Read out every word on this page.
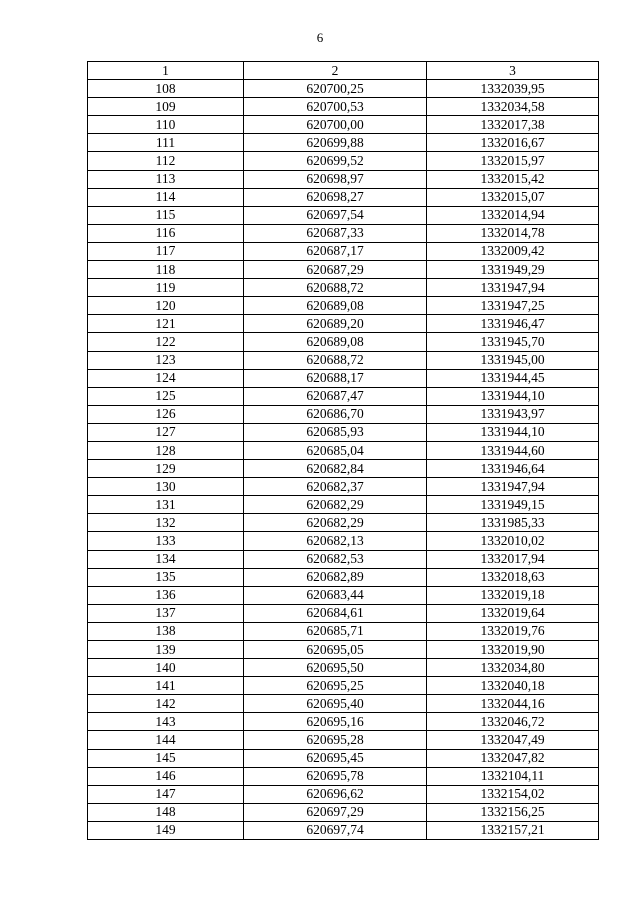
6
1	2	3
108	620700,25	1332039,95
109	620700,53	1332034,58
110	620700,00	1332017,38
111	620699,88	1332016,67
112	620699,52	1332015,97
113	620698,97	1332015,42
114	620698,27	1332015,07
115	620697,54	1332014,94
116	620687,33	1332014,78
117	620687,17	1332009,42
118	620687,29	1331949,29
119	620688,72	1331947,94
120	620689,08	1331947,25
121	620689,20	1331946,47
122	620689,08	1331945,70
123	620688,72	1331945,00
124	620688,17	1331944,45
125	620687,47	1331944,10
126	620686,70	1331943,97
127	620685,93	1331944,10
128	620685,04	1331944,60
129	620682,84	1331946,64
130	620682,37	1331947,94
131	620682,29	1331949,15
132	620682,29	1331985,33
133	620682,13	1332010,02
134	620682,53	1332017,94
135	620682,89	1332018,63
136	620683,44	1332019,18
137	620684,61	1332019,64
138	620685,71	1332019,76
139	620695,05	1332019,90
140	620695,50	1332034,80
141	620695,25	1332040,18
142	620695,40	1332044,16
143	620695,16	1332046,72
144	620695,28	1332047,49
145	620695,45	1332047,82
146	620695,78	1332104,11
147	620696,62	1332154,02
148	620697,29	1332156,25
149	620697,74	1332157,21
